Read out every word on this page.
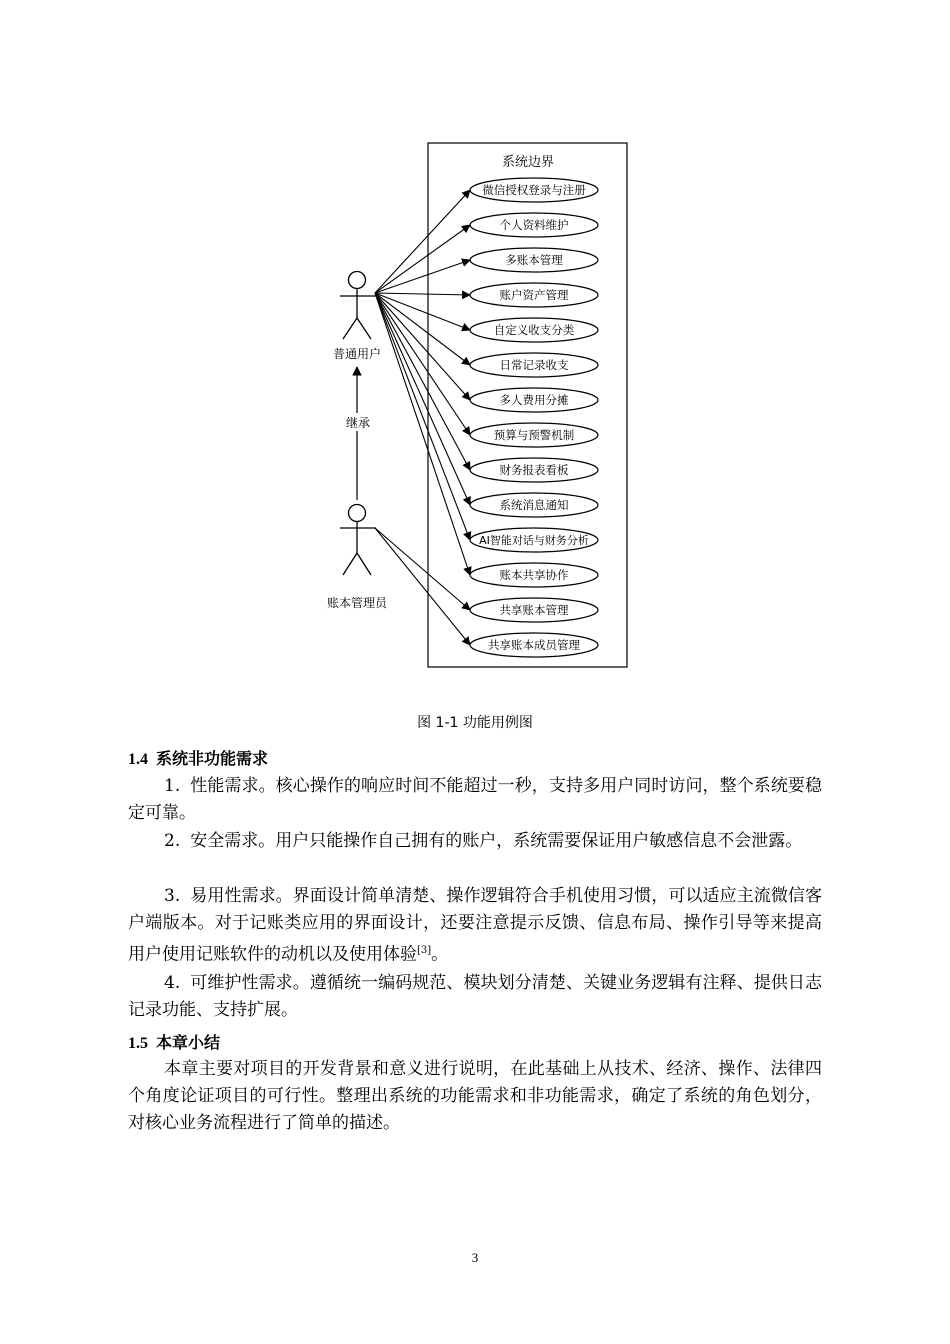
系统边界
微信授权登录与注册
个人资料维护
多账本管理
账户资产管理
自定义收支分类
日常记录收支
多人费用分摊
预算与预警机制
财务报表看板
系统消息通知
AI智能对话与财务分析
账本共享协作
共享账本管理
共享账本成员管理
普通用户
继承
账本管理员
图 1-1 功能用例图
1.4 系统非功能需求

1. 性能需求。核心操作的响应时间不能超过一秒，支持多用户同时访问，整个系统要稳定可靠。

2. 安全需求。用户只能操作自己拥有的账户，系统需要保证用户敏感信息不会泄露。

3. 易用性需求。界面设计简单清楚、操作逻辑符合手机使用习惯，可以适应主流微信客户端版本。对于记账类应用的界面设计，还要注意提示反馈、信息布局、操作引导等来提高用户使用记账软件的动机以及使用体验[3]。

4. 可维护性需求。遵循统一编码规范、模块划分清楚、关键业务逻辑有注释、提供日志记录功能、支持扩展。

1.5 本章小结

本章主要对项目的开发背景和意义进行说明，在此基础上从技术、经济、操作、法律四个角度论证项目的可行性。整理出系统的功能需求和非功能需求，确定了系统的角色划分，对核心业务流程进行了简单的描述。

3
